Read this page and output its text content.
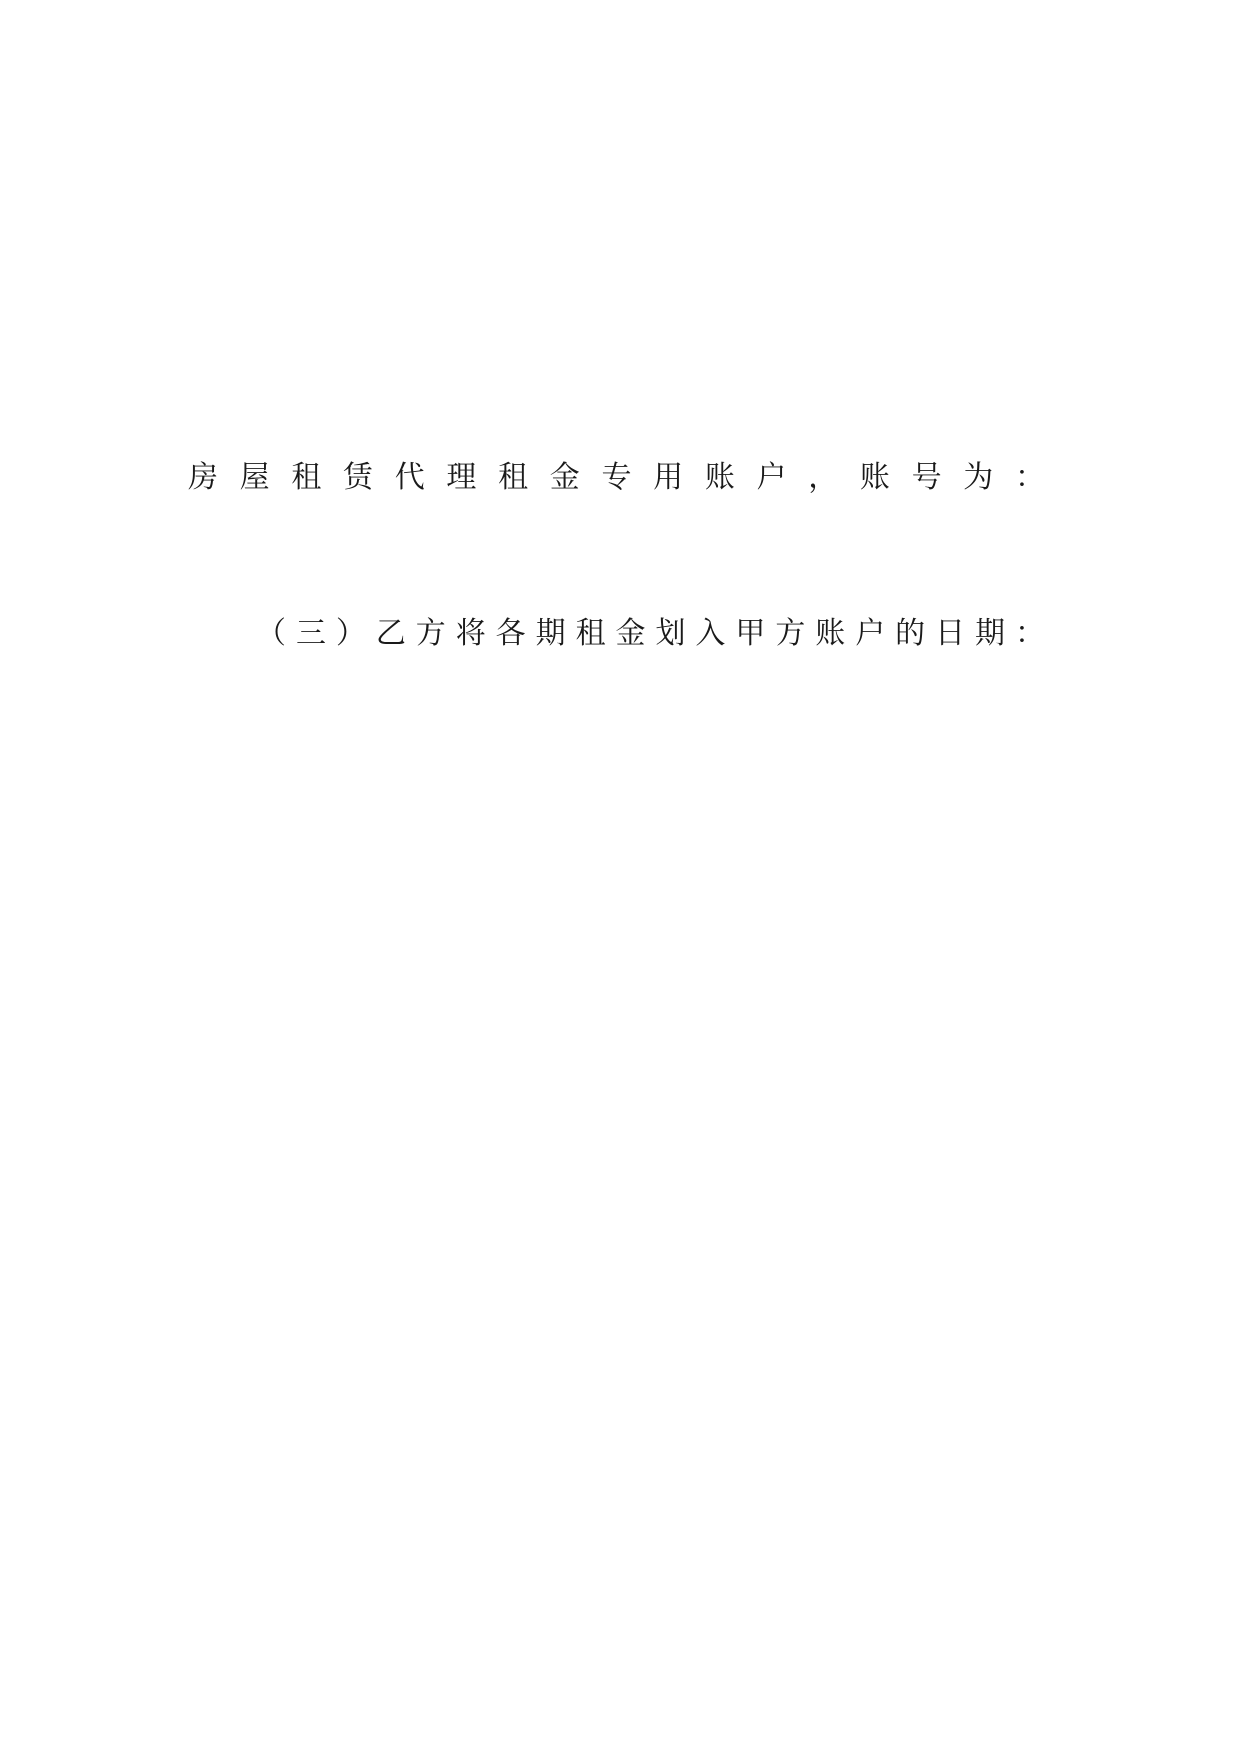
房屋租赁代理租金专用账户，账号为：

（三）乙方将各期租金划入甲方账户的日期：
